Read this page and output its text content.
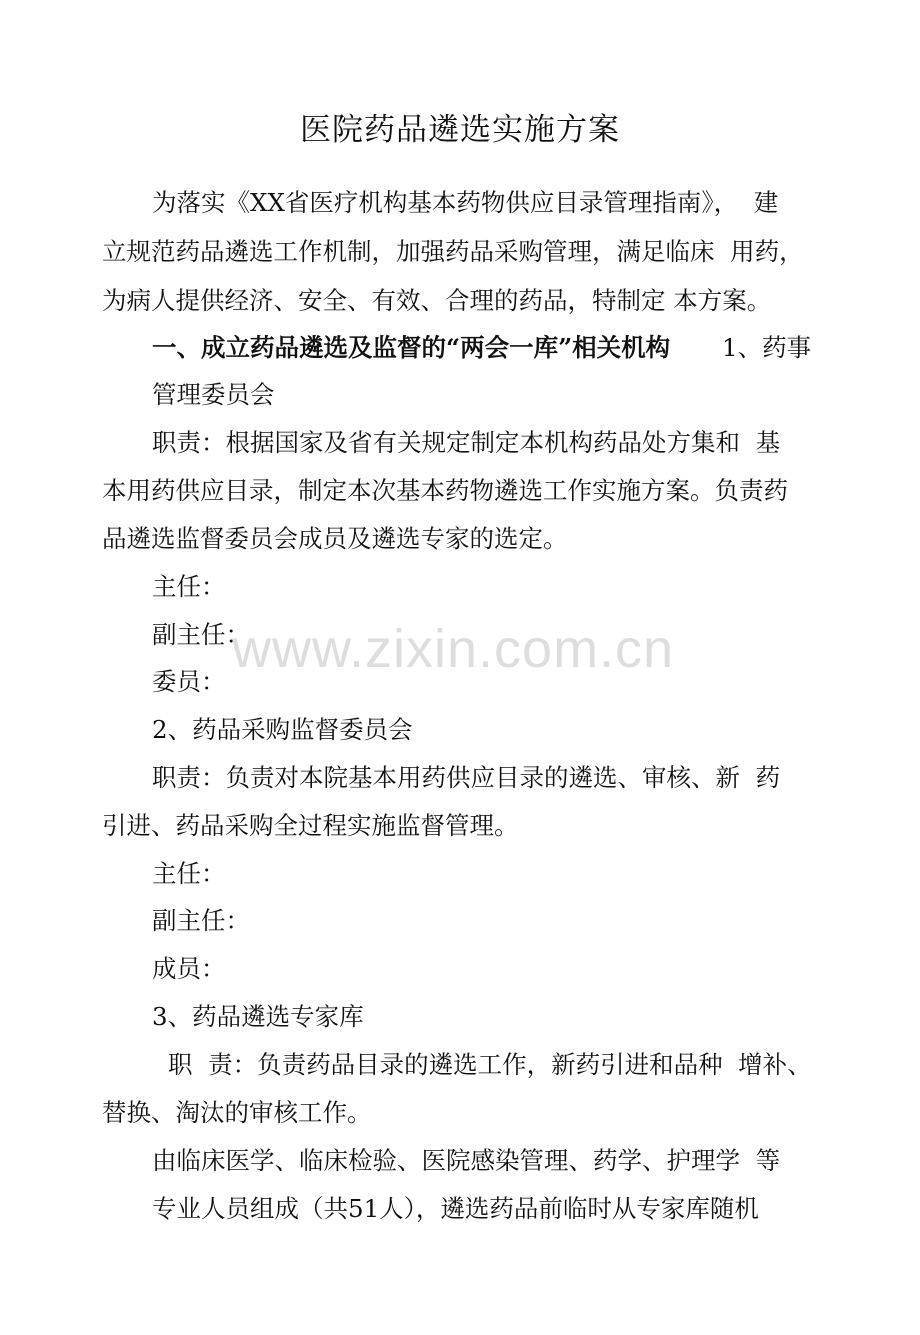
医院药品遴选实施方案
为落实《XX省医疗机构基本药物供应目录管理指南》，  建
立规范药品遴选工作机制，加强药品采购管理，满足临床  用药，
为病人提供经济、安全、有效、合理的药品，特制定 本方案。
一、成立药品遴选及监督的“两会一库”相关机构 1、药事
管理委员会
职责：根据国家及省有关规定制定本机构药品处方集和  基
本用药供应目录，制定本次基本药物遴选工作实施方案。负责药
品遴选监督委员会成员及遴选专家的选定。
主任：
副主任：
委员：
2、药品采购监督委员会
职责：负责对本院基本用药供应目录的遴选、审核、新  药
引进、药品采购全过程实施监督管理。
主任：
副主任：
成员：
3、药品遴选专家库
职  责：负责药品目录的遴选工作，新药引进和品种  增补、
替换、淘汰的审核工作。
由临床医学、临床检验、医院感染管理、药学、护理学  等
专业人员组成（共51人），遴选药品前临时从专家库随机
www.zixin.com.cn
